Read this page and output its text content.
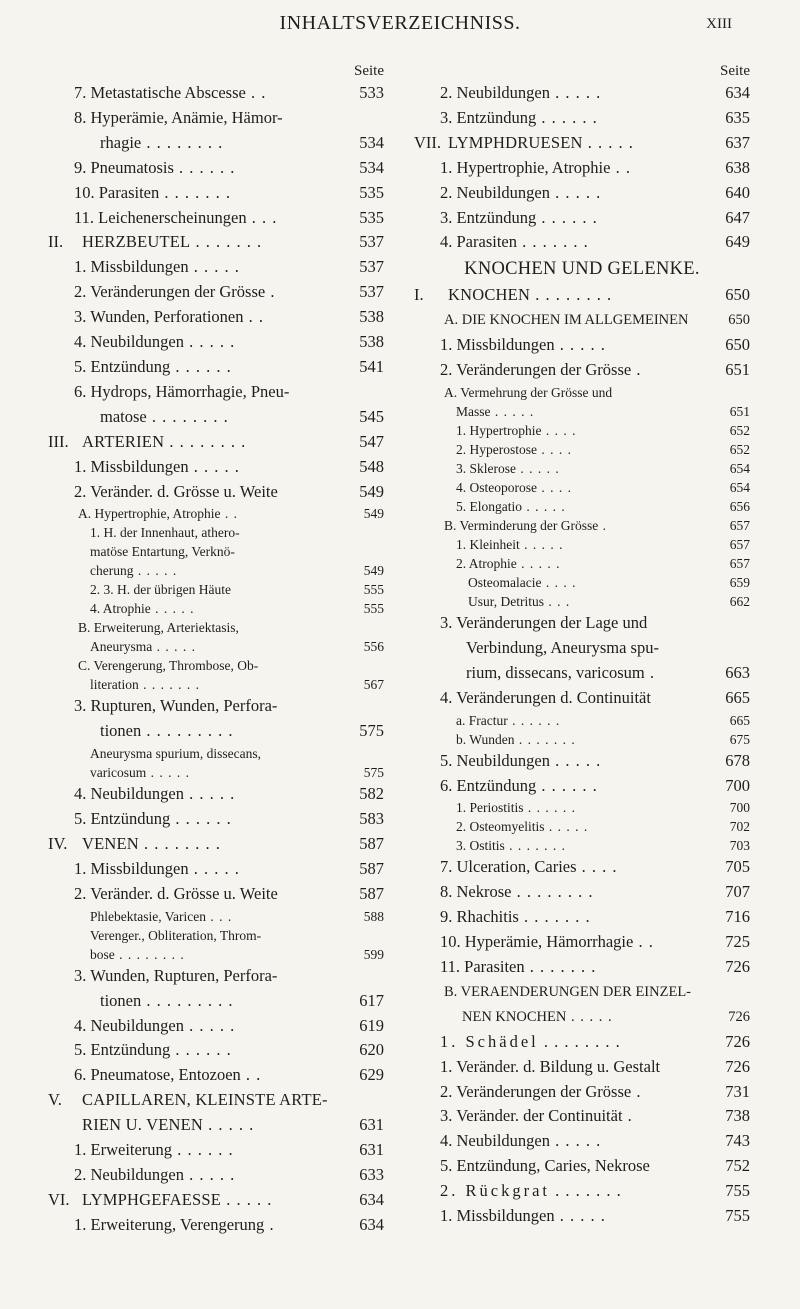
INHALTSVERZEICHNISS.	XIII
Seite
7. Metastatische Abscesse . .	533
8. Hyperämie, Anämie, Hämor-
rhagie . . . . . . . .	534
9. Pneumatosis . . . . . .	534
10. Parasiten . . . . . . .	535
11. Leichenerscheinungen . . .	535
II. HERZBEUTEL . . . . . . .	537
1. Missbildungen . . . . .	537
2. Veränderungen der Grösse .	537
3. Wunden, Perforationen . .	538
4. Neubildungen . . . . .	538
5. Entzündung . . . . . .	541
6. Hydrops, Hämorrhagie, Pneu-
matose . . . . . . . .	545
III. ARTERIEN . . . . . . . .	547
1. Missbildungen . . . . .	548
2. Veränder. d. Grösse u. Weite	549
A. Hypertrophie, Atrophie . .	549
1. H. der Innenhaut, athero-
matöse Entartung, Verknö-
cherung . . . . .	549
2. 3. H. der übrigen Häute	555
4. Atrophie . . . . .	555
B. Erweiterung, Arteriektasis,
Aneurysma . . . . .	556
C. Verengerung, Thrombose, Ob-
literation . . . . . . .	567
3. Rupturen, Wunden, Perfora-
tionen . . . . . . . . .	575
Aneurysma spurium, dissecans,
varicosum . . . . .	575
4. Neubildungen . . . . .	582
5. Entzündung . . . . . .	583
IV. VENEN . . . . . . . .	587
1. Missbildungen . . . . .	587
2. Veränder. d. Grösse u. Weite	587
Phlebektasie, Varicen . . .	588
Verenger., Obliteration, Throm-
bose . . . . . . . .	599
3. Wunden, Rupturen, Perfora-
tionen . . . . . . . . .	617
4. Neubildungen . . . . .	619
5. Entzündung . . . . . .	620
6. Pneumatose, Entozoen . .	629
V. CAPILLAREN, KLEINSTE ARTE-
RIEN U. VENEN . . . . .	631
1. Erweiterung . . . . . .	631
2. Neubildungen . . . . .	633
VI. LYMPHGEFAESSE . . . . .	634
1. Erweiterung, Verengerung .	634
Seite
2. Neubildungen . . . . .	634
3. Entzündung . . . . . .	635
VII. LYMPHDRUESEN . . . . .	637
1. Hypertrophie, Atrophie . .	638
2. Neubildungen . . . . .	640
3. Entzündung . . . . . .	647
4. Parasiten . . . . . . .	649
KNOCHEN UND GELENKE.
I. KNOCHEN . . . . . . . .	650
A. DIE KNOCHEN IM ALLGEMEINEN	650
1. Missbildungen . . . . .	650
2. Veränderungen der Grösse .	651
A. Vermehrung der Grösse und
Masse . . . . .	651
1. Hypertrophie . . . .	652
2. Hyperostose . . . .	652
3. Sklerose . . . . .	654
4. Osteoporose . . . .	654
5. Elongatio . . . . .	656
B. Verminderung der Grösse .	657
1. Kleinheit . . . . .	657
2. Atrophie . . . . .	657
Osteomalacie . . . .	659
Usur, Detritus . . .	662
3. Veränderungen der Lage und
Verbindung, Aneurysma spu-
rium, dissecans, varicosum .	663
4. Veränderungen d. Continuität	665
a. Fractur . . . . . .	665
b. Wunden . . . . . . .	675
5. Neubildungen . . . . .	678
6. Entzündung . . . . . .	700
1. Periostitis . . . . . .	700
2. Osteomyelitis . . . . .	702
3. Ostitis . . . . . . .	703
7. Ulceration, Caries . . . .	705
8. Nekrose . . . . . . . .	707
9. Rhachitis . . . . . . .	716
10. Hyperämie, Hämorrhagie . .	725
11. Parasiten . . . . . . .	726
B. VERAENDERUNGEN DER EINZEL-
NEN KNOCHEN . . . . .	726
1. Schädel . . . . . . . .	726
1. Veränder. d. Bildung u. Gestalt	726
2. Veränderungen der Grösse .	731
3. Veränder. der Continuität .	738
4. Neubildungen . . . . .	743
5. Entzündung, Caries, Nekrose	752
2. Rückgrat . . . . . . .	755
1. Missbildungen . . . . .	755
